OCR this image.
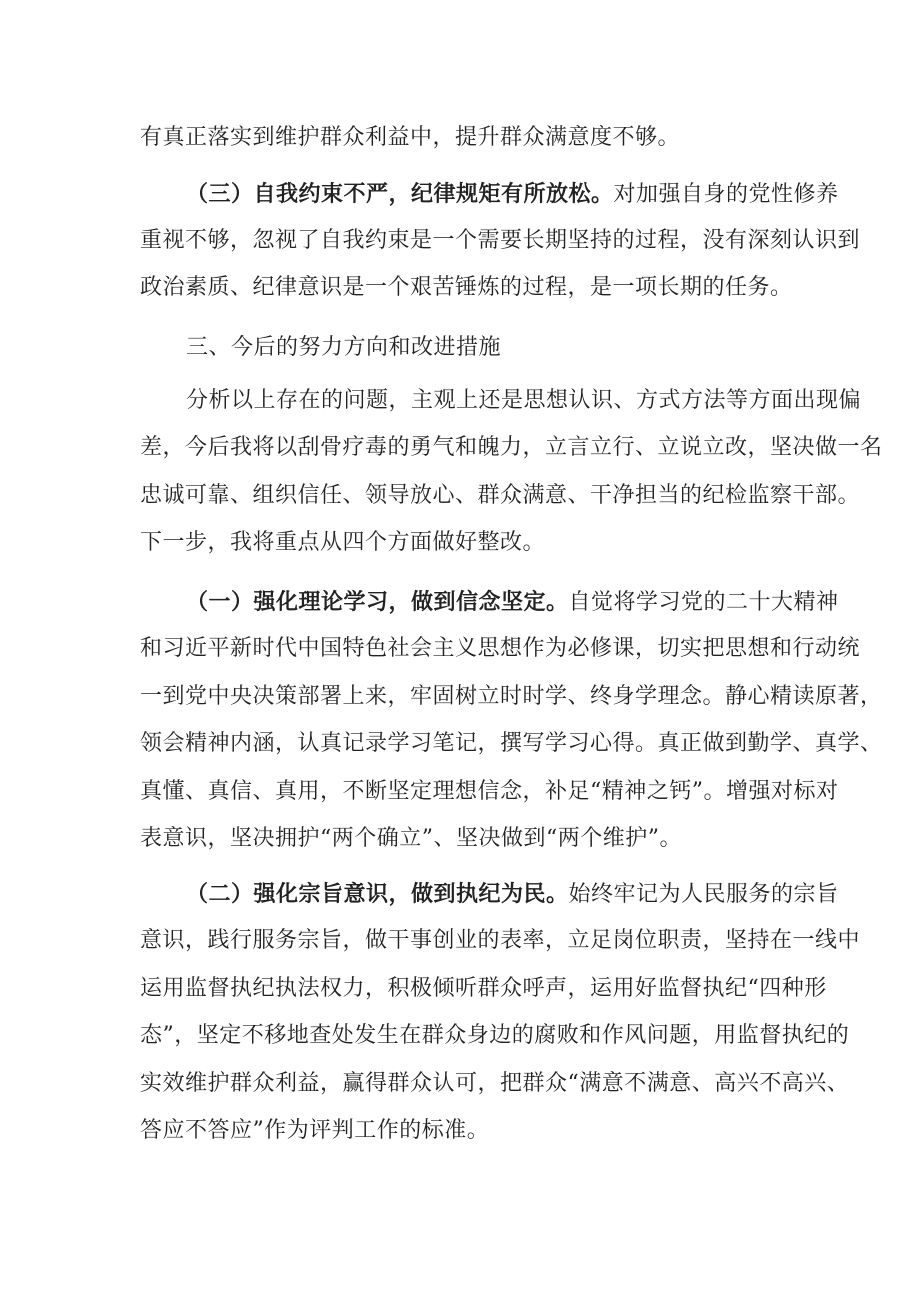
有真正落实到维护群众利益中，提升群众满意度不够。
（三）自我约束不严，纪律规矩有所放松。对加强自身的党性修养
重视不够，忽视了自我约束是一个需要长期坚持的过程，没有深刻认识到
政治素质、纪律意识是一个艰苦锤炼的过程，是一项长期的任务。
三、今后的努力方向和改进措施
分析以上存在的问题，主观上还是思想认识、方式方法等方面出现偏
差，今后我将以刮骨疗毒的勇气和魄力，立言立行、立说立改，坚决做一名
忠诚可靠、组织信任、领导放心、群众满意、干净担当的纪检监察干部。
下一步，我将重点从四个方面做好整改。
（一）强化理论学习，做到信念坚定。自觉将学习党的二十大精神
和习近平新时代中国特色社会主义思想作为必修课，切实把思想和行动统
一到党中央决策部署上来，牢固树立时时学、终身学理念。静心精读原著，
领会精神内涵，认真记录学习笔记，撰写学习心得。真正做到勤学、真学、
真懂、真信、真用，不断坚定理想信念，补足“精神之钙”。增强对标对
表意识，坚决拥护“两个确立”、坚决做到“两个维护”。
（二）强化宗旨意识，做到执纪为民。始终牢记为人民服务的宗旨
意识，践行服务宗旨，做干事创业的表率，立足岗位职责，坚持在一线中
运用监督执纪执法权力，积极倾听群众呼声，运用好监督执纪“四种形
态”，坚定不移地查处发生在群众身边的腐败和作风问题，用监督执纪的
实效维护群众利益，赢得群众认可，把群众“满意不满意、高兴不高兴、
答应不答应”作为评判工作的标准。
